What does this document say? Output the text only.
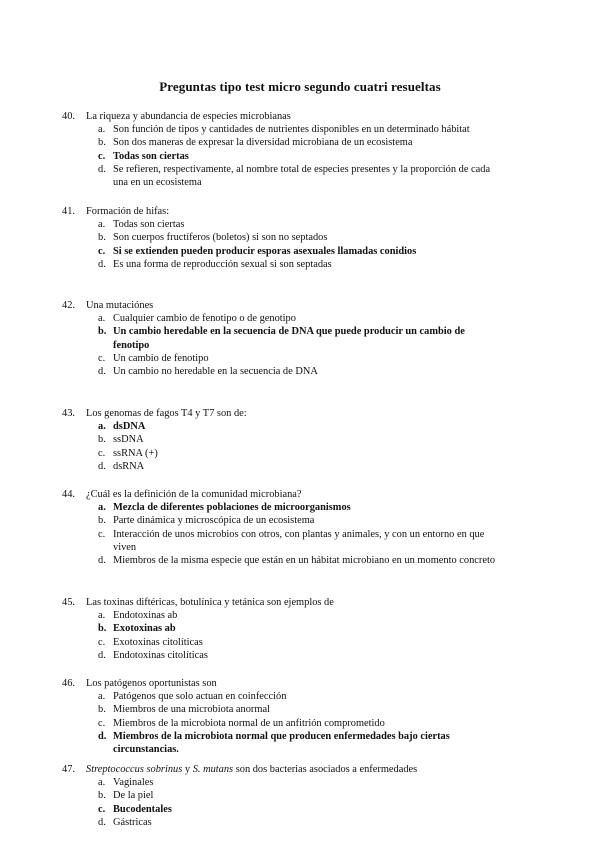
Preguntas tipo test micro segundo cuatri resueltas
40.	La riqueza y abundancia de especies microbianas
a. Son función de tipos y cantidades de nutrientes disponibles en un determinado hábitat
b. Son dos maneras de expresar la diversidad microbiana de un ecosistema
c. Todas son ciertas
d. Se refieren, respectivamente, al nombre total de especies presentes y la proporción de cada una en un ecosistema
41.	Formación de hifas:
a. Todas son ciertas
b. Son cuerpos fructíferos (boletos) si son no septados
c. Si se extienden pueden producir esporas asexuales llamadas conidios
d. Es una forma de reproducción sexual si son septadas
42.	Una mutaciónes
a. Cualquier cambio de fenotipo o de genotipo
b. Un cambio heredable en la secuencia de DNA que puede producir un cambio de fenotipo
c. Un cambio de fenotipo
d. Un cambio no heredable en la secuencia de DNA
43.	Los genomas de fagos T4 y T7 son de:
a. dsDNA
b. ssDNA
c. ssRNA (+)
d. dsRNA
44.	¿Cuál es la definición de la comunidad microbiana?
a. Mezcla de diferentes poblaciones de microorganismos
b. Parte dinámica y microscópica de un ecosistema
c. Interacción de unos microbios con otros, con plantas y animales, y con un entorno en que viven
d. Miembros de la misma especie que están en un hábitat microbiano en un momento concreto
45.	Las toxinas diftéricas, botulínica y tetánica son ejemplos de
a. Endotoxinas ab
b. Exotoxinas ab
c. Exotoxinas citolíticas
d. Endotoxinas citolíticas
46.	Los patógenos oportunistas son
a. Patógenos que solo actuan en coinfección
b. Miembros de una microbiota anormal
c. Miembros de la microbiota normal de un anfitrión comprometido
d. Miembros de la microbiota normal que producen enfermedades bajo ciertas circunstancias.
47.	Streptococcus sobrinus y S. mutans son dos bacterias asociados a enfermedades
a. Vaginales
b. De la piel
c. Bucodentales
d. Gástricas
